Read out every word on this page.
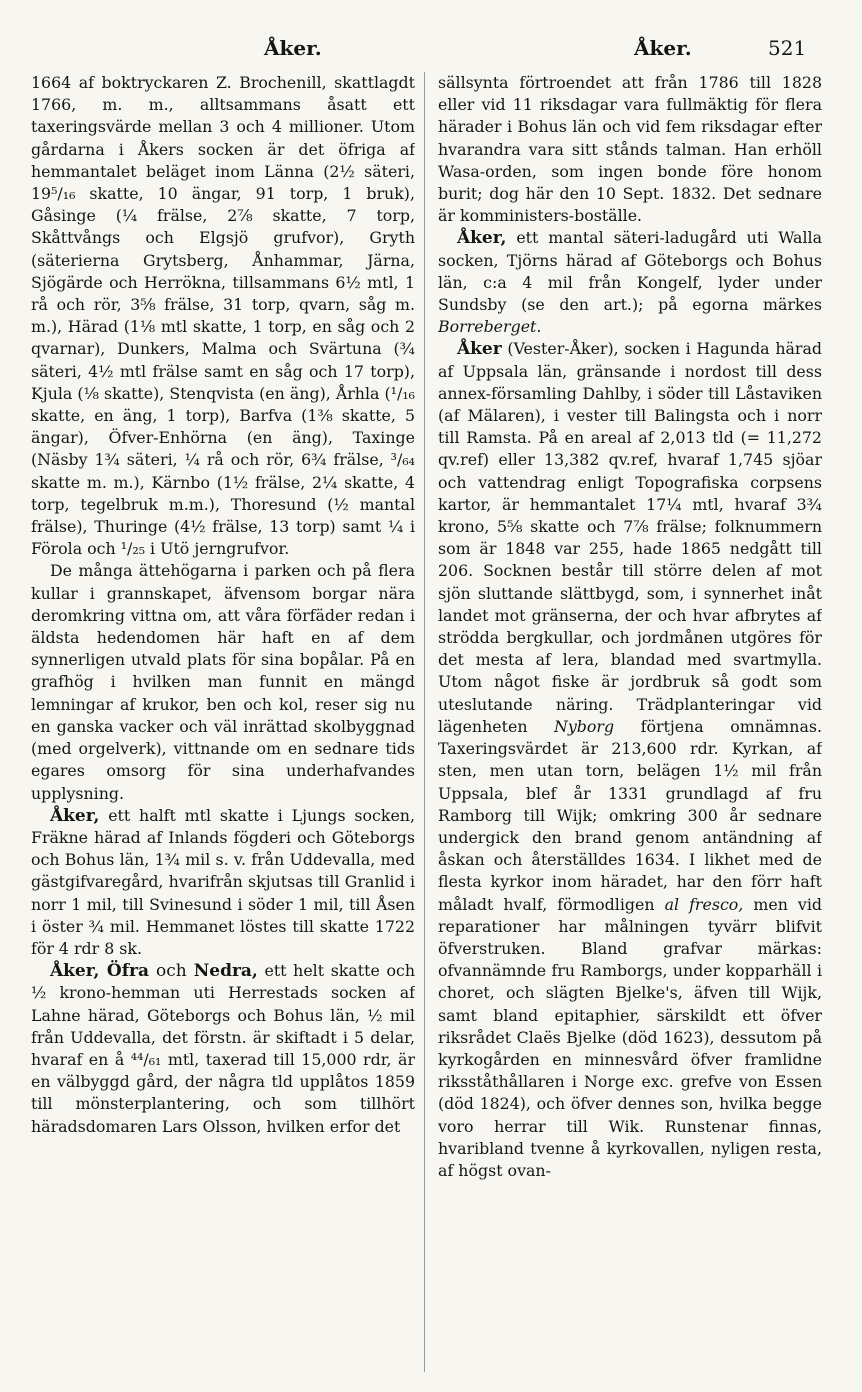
Åker.	Åker.	521

1664 af boktryckaren Z. Brochenill, skattlagdt 1766, m. m., alltsammans åsatt ett taxeringsvärde mellan 3 och 4 millioner. Utom gårdarna i Åkers socken är det öfriga af hemmantalet beläget inom Länna (2½ säteri, 19⁵/₁₆ skatte, 10 ängar, 91 torp, 1 bruk), Gåsinge (¼ frälse, 2⅞ skatte, 7 torp, Skåttvångs och Elgsjö grufvor), Gryth (säterierna Grytsberg, Ånhammar, Järna, Sjögärde och Herrökna, tillsammans 6½ mtl, 1 rå och rör, 3⅝ frälse, 31 torp, qvarn, såg m. m.), Härad (1⅛ mtl skatte, 1 torp, en såg och 2 qvarnar), Dunkers, Malma och Svärtuna (¾ säteri, 4½ mtl frälse samt en såg och 17 torp), Kjula (⅛ skatte), Stenqvista (en äng), Århla (¹/₁₆ skatte, en äng, 1 torp), Barfva (1⅜ skatte, 5 ängar), Öfver-Enhörna (en äng), Taxinge (Näsby 1¾ säteri, ¼ rå och rör, 6¾ frälse, ³/₆₄ skatte m. m.), Kärnbo (1½ frälse, 2¼ skatte, 4 torp, tegelbruk m.m.), Thoresund (½ mantal frälse), Thuringe (4½ frälse, 13 torp) samt ¼ i Förola och ¹/₂₅ i Utö jerngrufvor.

De många ättehögarna i parken och på flera kullar i grannskapet, äfvensom borgar nära deromkring vittna om, att våra förfäder redan i äldsta hedendomen här haft en af dem synnerligen utvald plats för sina bopålar. På en grafhög i hvilken man funnit en mängd lemningar af krukor, ben och kol, reser sig nu en ganska vacker och väl inrättad skolbyggnad (med orgelverk), vittnande om en sednare tids egares omsorg för sina underhafvandes upplysning.

Åker, ett halft mtl skatte i Ljungs socken, Fräkne härad af Inlands fögderi och Göteborgs och Bohus län, 1¾ mil s. v. från Uddevalla, med gästgifvaregård, hvarifrån skjutsas till Granlid i norr 1 mil, till Svinesund i söder 1 mil, till Åsen i öster ¾ mil. Hemmanet löstes till skatte 1722 för 4 rdr 8 sk.

Åker, Öfra och Nedra, ett helt skatte och ½ krono-hemman uti Herrestads socken af Lahne härad, Göteborgs och Bohus län, ½ mil från Uddevalla, det förstn. är skiftadt i 5 delar, hvaraf en å ⁴⁴/₆₁ mtl, taxerad till 15,000 rdr, är en välbyggd gård, der några tld upplåtos 1859 till mönsterplantering, och som tillhört häradsdomaren Lars Olsson, hvilken erfor det

sällsynta förtroendet att från 1786 till 1828 eller vid 11 riksdagar vara fullmäktig för flera härader i Bohus län och vid fem riksdagar efter hvarandra vara sitt stånds talman. Han erhöll Wasa-orden, som ingen bonde före honom burit; dog här den 10 Sept. 1832. Det sednare är komministers-boställe.

Åker, ett mantal säteri-ladugård uti Walla socken, Tjörns härad af Göteborgs och Bohus län, c:a 4 mil från Kongelf, lyder under Sundsby (se den art.); på egorna märkes Borreberget.

Åker (Vester-Åker), socken i Hagunda härad af Uppsala län, gränsande i nordost till dess annex-församling Dahlby, i söder till Låstaviken (af Mälaren), i vester till Balingsta och i norr till Ramsta. På en areal af 2,013 tld (= 11,272 qv.ref) eller 13,382 qv.ref, hvaraf 1,745 sjöar och vattendrag enligt Topografiska corpsens kartor, är hemmantalet 17¼ mtl, hvaraf 3¾ krono, 5⅝ skatte och 7⅞ frälse; folknummern som är 1848 var 255, hade 1865 nedgått till 206. Socknen består till större delen af mot sjön sluttande slättbygd, som, i synnerhet inåt landet mot gränserna, der och hvar afbrytes af strödda bergkullar, och jordmånen utgöres för det mesta af lera, blandad med svartmylla. Utom något fiske är jordbruk så godt som uteslutande näring. Trädplanteringar vid lägenheten Nyborg förtjena omnämnas. Taxeringsvärdet är 213,600 rdr. Kyrkan, af sten, men utan torn, belägen 1½ mil från Uppsala, blef år 1331 grundlagd af fru Ramborg till Wijk; omkring 300 år sednare undergick den brand genom antändning af åskan och återställdes 1634. I likhet med de flesta kyrkor inom häradet, har den förr haft måladt hvalf, förmodligen al fresco, men vid reparationer har målningen tyvärr blifvit öfverstruken. Bland grafvar märkas: ofvannämnde fru Ramborgs, under kopparhäll i choret, och slägten Bjelke's, äfven till Wijk, samt bland epitaphier, särskildt ett öfver riksrådet Claës Bjelke (död 1623), dessutom på kyrkogården en minnesvård öfver framlidne riksståthållaren i Norge exc. grefve von Essen (död 1824), och öfver dennes son, hvilka begge voro herrar till Wik. Runstenar finnas, hvaribland tvenne å kyrkovallen, nyligen resta, af högst ovan-
